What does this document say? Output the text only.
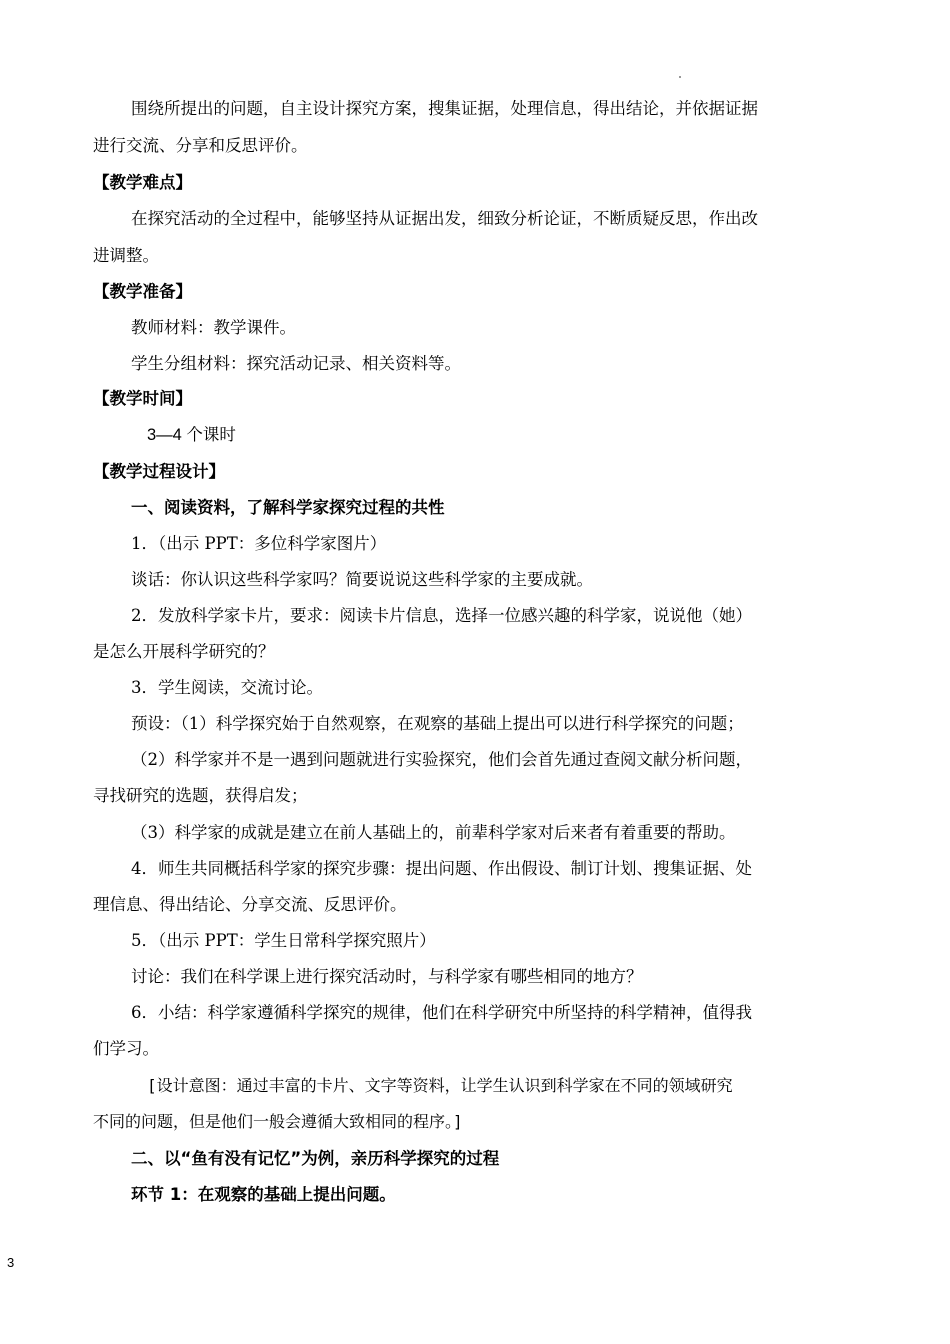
围绕所提出的问题，自主设计探究方案，搜集证据，处理信息，得出结论，并依据证据
进行交流、分享和反思评价。
【教学难点】
在探究活动的全过程中，能够坚持从证据出发，细致分析论证，不断质疑反思，作出改
进调整。
【教学准备】
教师材料：教学课件。
学生分组材料：探究活动记录、相关资料等。
【教学时间】
3—4 个课时
【教学过程设计】
一、阅读资料，了解科学家探究过程的共性
1．（出示 PPT：多位科学家图片）
谈话：你认识这些科学家吗？简要说说这些科学家的主要成就。
2．发放科学家卡片，要求：阅读卡片信息，选择一位感兴趣的科学家，说说他（她）
是怎么开展科学研究的？
3．学生阅读，交流讨论。
预设：（1）科学探究始于自然观察，在观察的基础上提出可以进行科学探究的问题；
（2）科学家并不是一遇到问题就进行实验探究，他们会首先通过查阅文献分析问题，
寻找研究的选题，获得启发；
（3）科学家的成就是建立在前人基础上的，前辈科学家对后来者有着重要的帮助。
4．师生共同概括科学家的探究步骤：提出问题、作出假设、制订计划、搜集证据、处
理信息、得出结论、分享交流、反思评价。
5．（出示 PPT：学生日常科学探究照片）
讨论：我们在科学课上进行探究活动时，与科学家有哪些相同的地方？
6．小结：科学家遵循科学探究的规律，他们在科学研究中所坚持的科学精神，值得我
们学习。
[设计意图：通过丰富的卡片、文字等资料，让学生认识到科学家在不同的领域研究
不同的问题，但是他们一般会遵循大致相同的程序。]
二、以“鱼有没有记忆”为例，亲历科学探究的过程
环节 1：在观察的基础上提出问题。
3
